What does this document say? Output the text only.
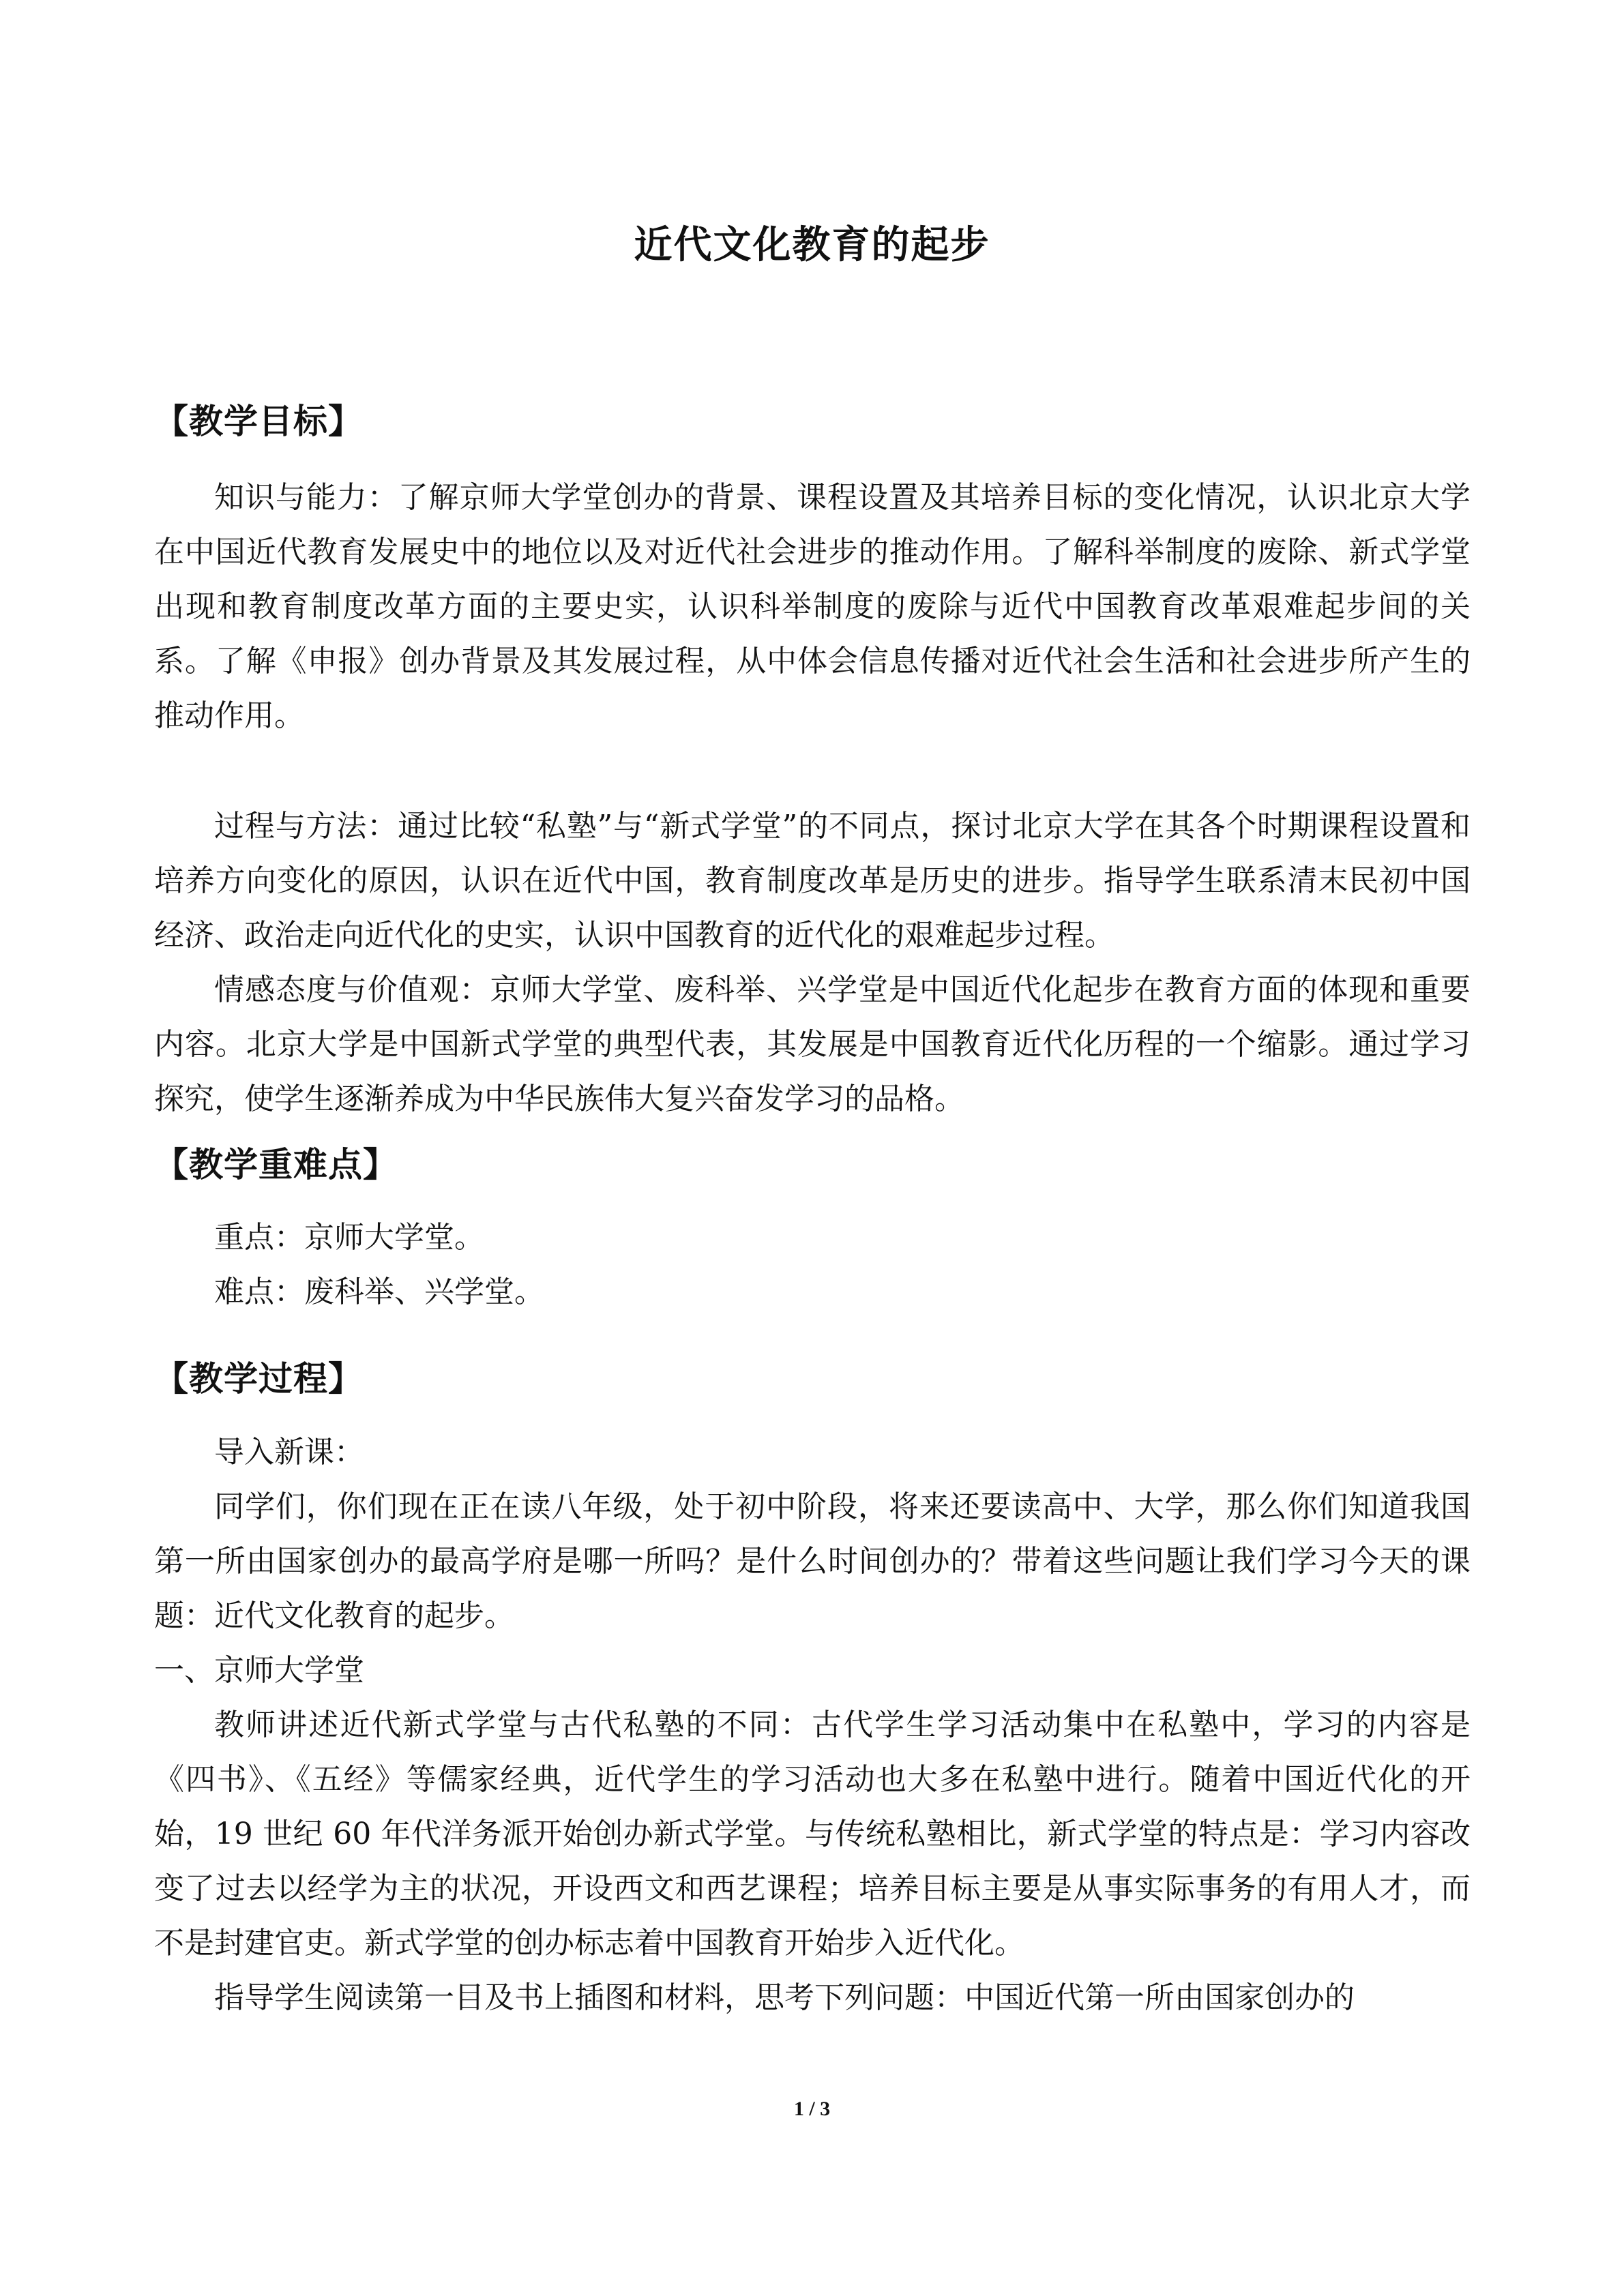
近代文化教育的起步
【教学目标】

知识与能力：了解京师大学堂创办的背景、课程设置及其培养目标的变化情况，认识北京大学在中国近代教育发展史中的地位以及对近代社会进步的推动作用。了解科举制度的废除、新式学堂出现和教育制度改革方面的主要史实，认识科举制度的废除与近代中国教育改革艰难起步间的关系。了解《申报》创办背景及其发展过程，从中体会信息传播对近代社会生活和社会进步所产生的推动作用。

过程与方法：通过比较“私塾”与“新式学堂”的不同点，探讨北京大学在其各个时期课程设置和培养方向变化的原因，认识在近代中国，教育制度改革是历史的进步。指导学生联系清末民初中国经济、政治走向近代化的史实，认识中国教育的近代化的艰难起步过程。

情感态度与价值观：京师大学堂、废科举、兴学堂是中国近代化起步在教育方面的体现和重要内容。北京大学是中国新式学堂的典型代表，其发展是中国教育近代化历程的一个缩影。通过学习探究，使学生逐渐养成为中华民族伟大复兴奋发学习的品格。

【教学重难点】

重点：京师大学堂。

难点：废科举、兴学堂。

【教学过程】

导入新课：

同学们，你们现在正在读八年级，处于初中阶段，将来还要读高中、大学，那么你们知道我国第一所由国家创办的最高学府是哪一所吗？是什么时间创办的？带着这些问题让我们学习今天的课题：近代文化教育的起步。

一、京师大学堂

教师讲述近代新式学堂与古代私塾的不同：古代学生学习活动集中在私塾中，学习的内容是《四书》、《五经》等儒家经典，近代学生的学习活动也大多在私塾中进行。随着中国近代化的开始，19 世纪 60 年代洋务派开始创办新式学堂。与传统私塾相比，新式学堂的特点是：学习内容改变了过去以经学为主的状况，开设西文和西艺课程；培养目标主要是从事实际事务的有用人才，而不是封建官吏。新式学堂的创办标志着中国教育开始步入近代化。

指导学生阅读第一目及书上插图和材料，思考下列问题：中国近代第一所由国家创办的

1 / 3
